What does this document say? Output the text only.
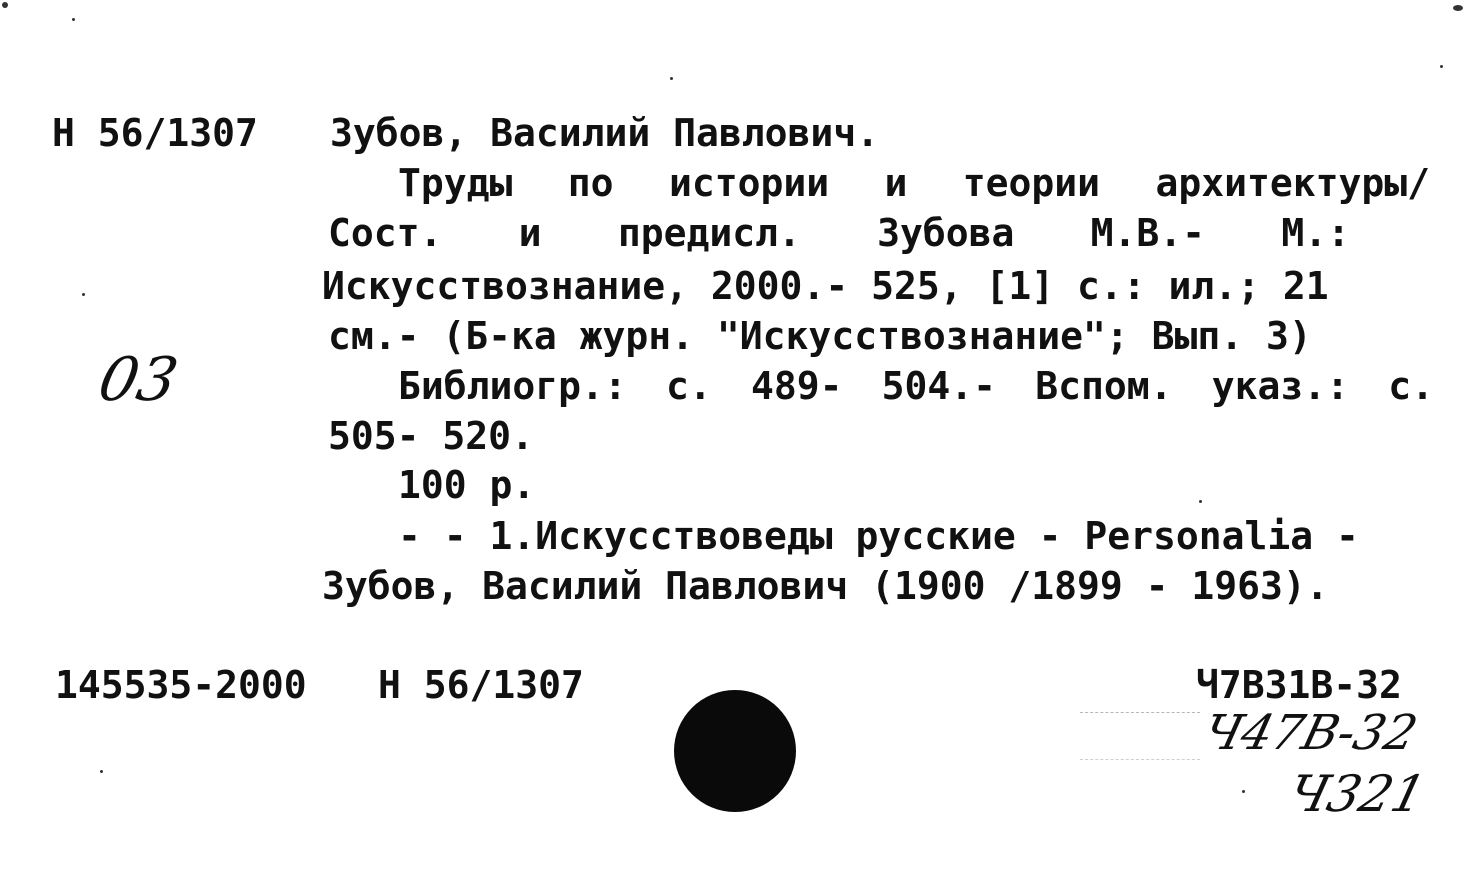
Н 56/1307 Зубов, Василий Павлович.
Труды по истории и теории архитектуры/
Сост. и предисл. Зубова М.В.- М.:
Искусствознание, 2000.- 525, [1] с.: ил.; 21
см.- (Б-ка журн. "Искусствознание"; Вып. 3)
Библиогр.: с. 489- 504.- Вспом. указ.: с.
505- 520.
100 р.
- - 1.Искусствоведы русские - Personalia -
Зубов, Василий Павлович (1900 /1899 - 1963).
145535-2000 Н 56/1307	Ч7В31В-32
03
Ч47В-32
Ч321
